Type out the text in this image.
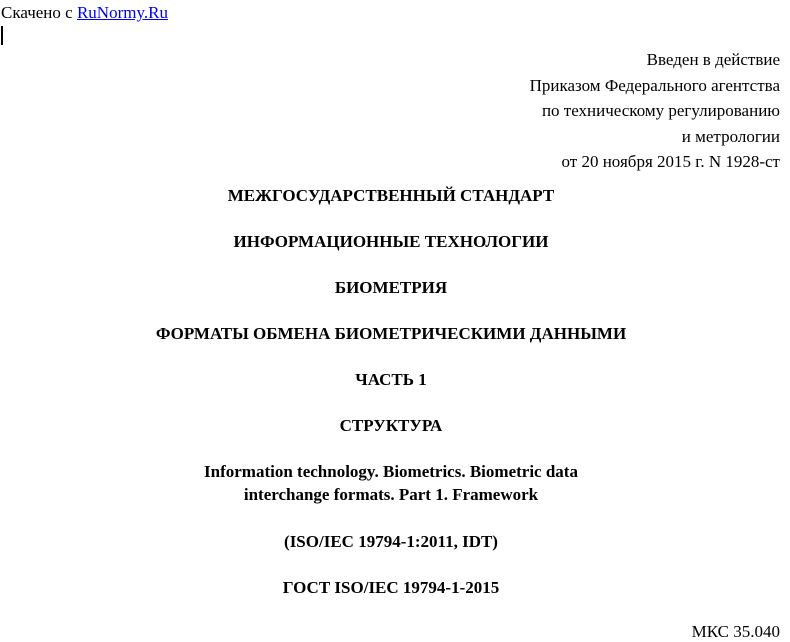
Скачено с RuNormy.Ru
Введен в действие
Приказом Федерального агентства
по техническому регулированию
и метрологии
от 20 ноября 2015 г. N 1928-ст
МЕЖГОСУДАРСТВЕННЫЙ СТАНДАРТ
ИНФОРМАЦИОННЫЕ ТЕХНОЛОГИИ
БИОМЕТРИЯ
ФОРМАТЫ ОБМЕНА БИОМЕТРИЧЕСКИМИ ДАННЫМИ
ЧАСТЬ 1
СТРУКТУРА
Information technology. Biometrics. Biometric data
interchange formats. Part 1. Framework
(ISO/IEC 19794-1:2011, IDT)
ГОСТ ISO/IEC 19794-1-2015
МКС 35.040
